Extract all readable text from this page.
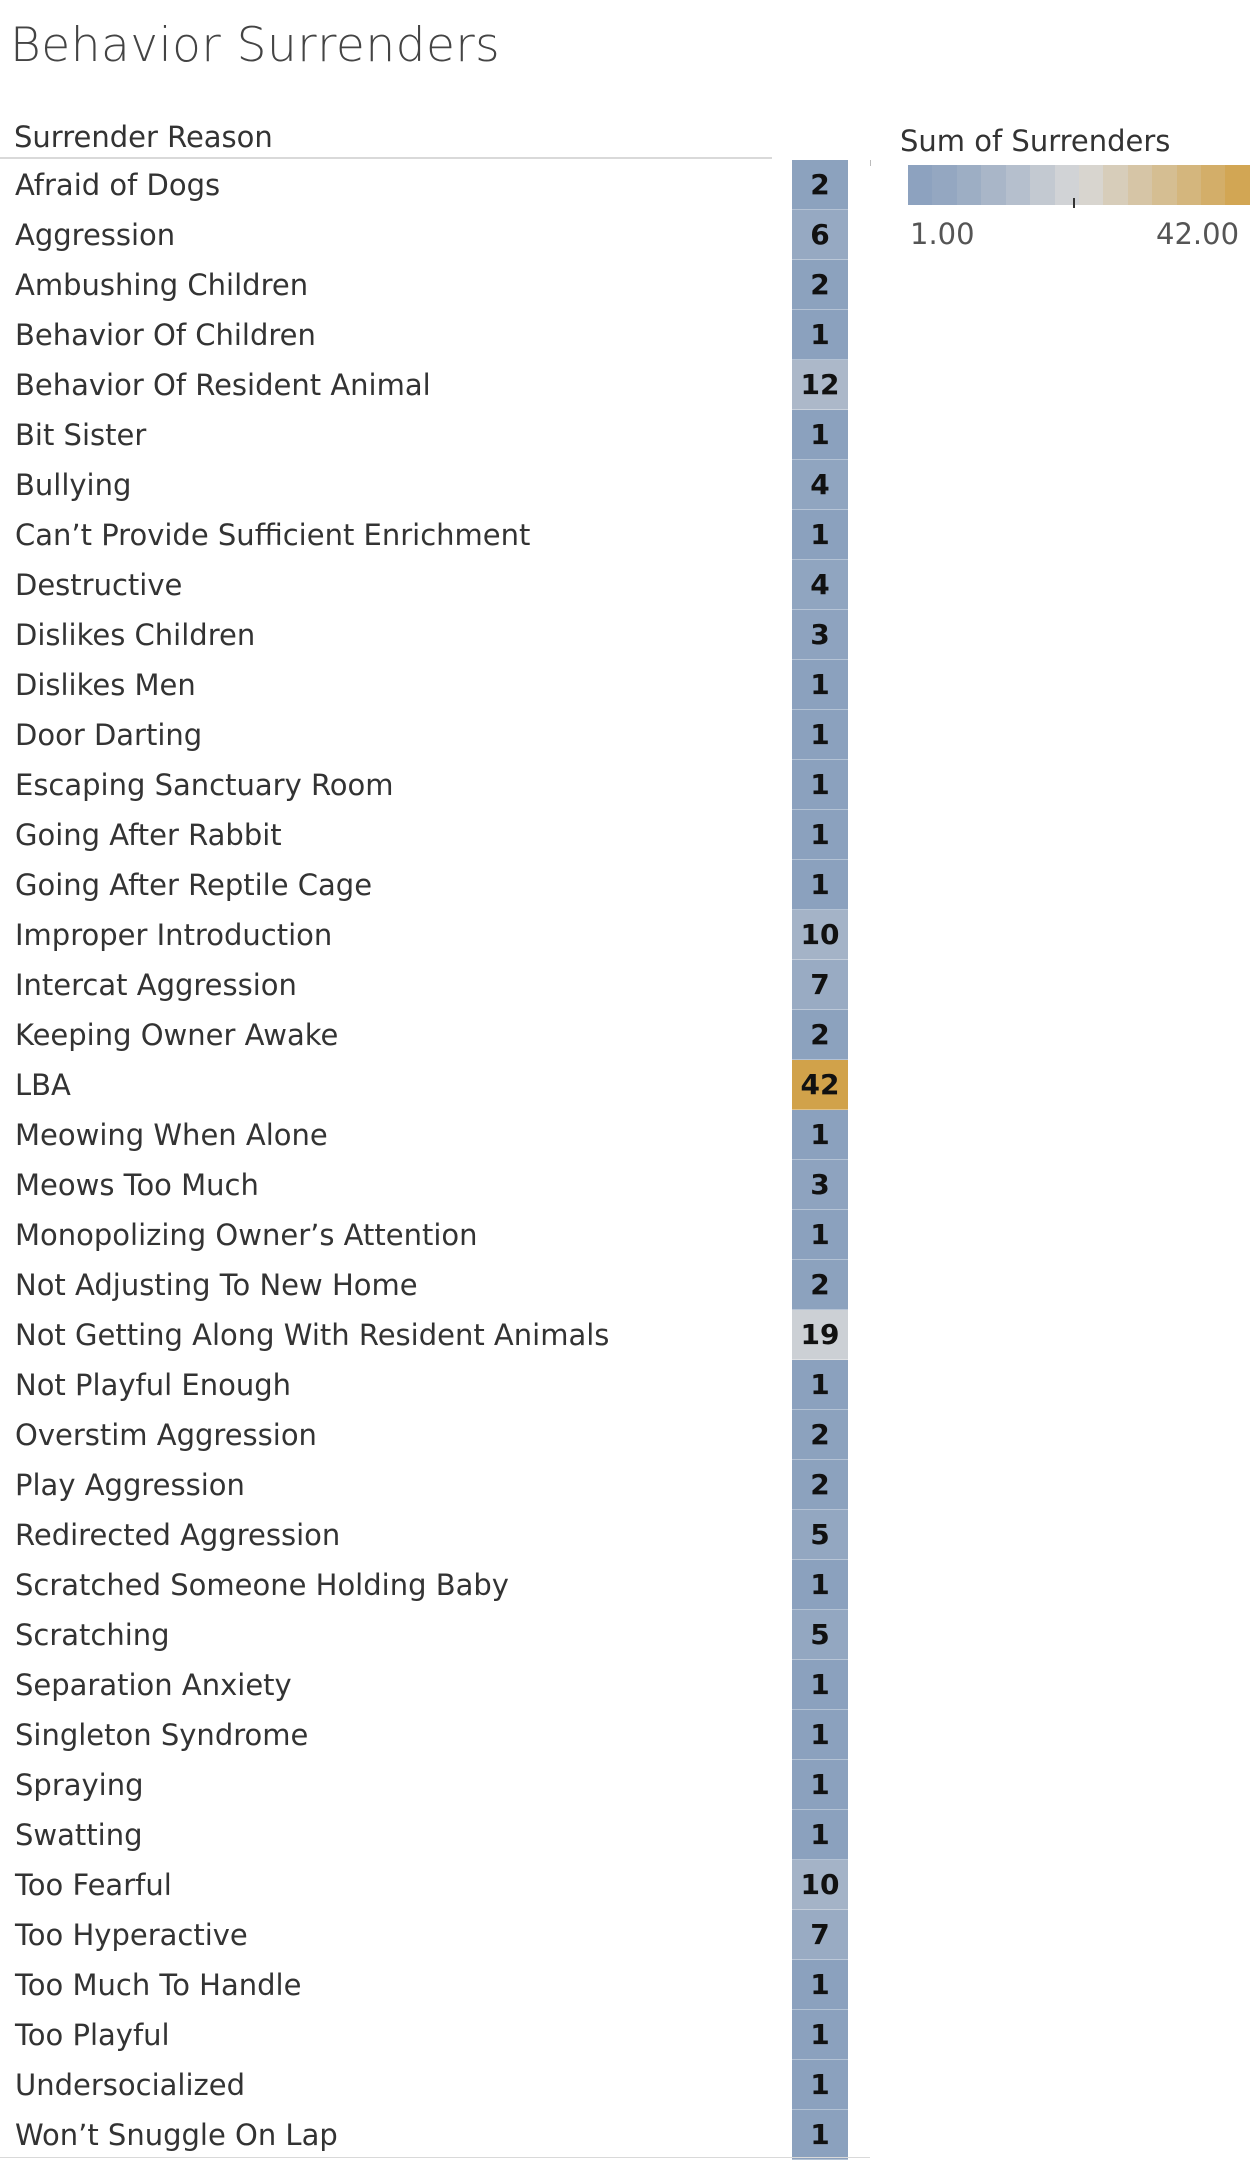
Behavior Surrenders
Surrender Reason
Afraid of Dogs	2
Aggression	6
Ambushing Children	2
Behavior Of Children	1
Behavior Of Resident Animal	12
Bit Sister	1
Bullying	4
Can’t Provide Sufficient Enrichment	1
Destructive	4
Dislikes Children	3
Dislikes Men	1
Door Darting	1
Escaping Sanctuary Room	1
Going After Rabbit	1
Going After Reptile Cage	1
Improper Introduction	10
Intercat Aggression	7
Keeping Owner Awake	2
LBA	42
Meowing When Alone	1
Meows Too Much	3
Monopolizing Owner’s Attention	1
Not Adjusting To New Home	2
Not Getting Along With Resident Animals	19
Not Playful Enough	1
Overstim Aggression	2
Play Aggression	2
Redirected Aggression	5
Scratched Someone Holding Baby	1
Scratching	5
Separation Anxiety	1
Singleton Syndrome	1
Spraying	1
Swatting	1
Too Fearful	10
Too Hyperactive	7
Too Much To Handle	1
Too Playful	1
Undersocialized	1
Won’t Snuggle On Lap	1
Sum of Surrenders
1.00	42.00
